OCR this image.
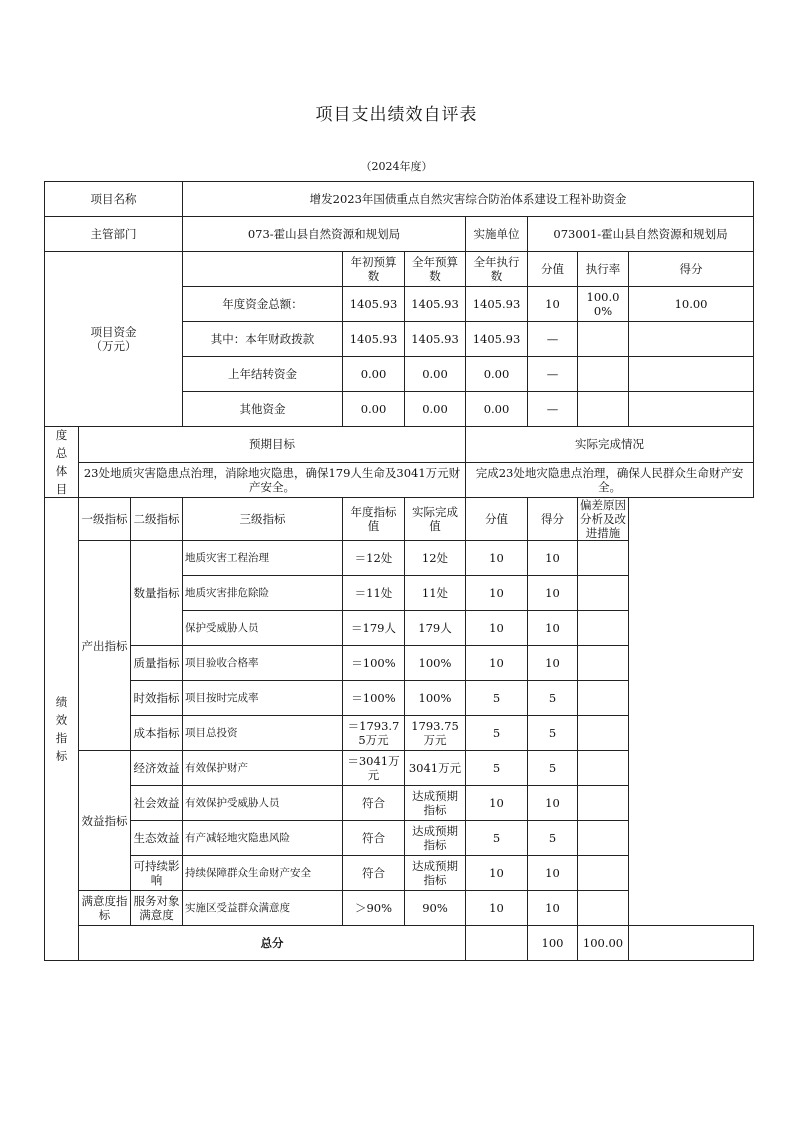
项目支出绩效自评表
（2024年度）
项目名称			增发2023年国债重点自然灾害综合防治体系建设工程补助资金						
主管部门			073-霍山县自然资源和规划局			实施单位	073001-霍山县自然资源和规划局		

项目资金
（万元）				年初预算数	全年预算数	全年执行数	分值	执行率	得分
			年度资金总额：	1405.93	1405.93	1405.93	10	100.00%	10.00
			其中：本年财政拨款	1405.93	1405.93	1405.93	—		
			上年结转资金	0.00	0.00	0.00	—		
			其他资金	0.00	0.00	0.00	—		

度总体目	预期目标					实际完成情况			
	23处地质灾害隐患点治理，消除地灾隐患，确保179人生命及3041万元财产安全。					完成23处地灾隐患点治理，确保人民群众生命财产安全。			

绩效指标	一级指标	二级指标	三级指标	年度指标值	实际完成值	分值	得分	偏差原因分析及改进措施	
	产出指标	数量指标	地质灾害工程治理	＝12处	12处	10	10		
			地质灾害排危除险	＝11处	11处	10	10		
			保护受威胁人员	＝179人	179人	10	10		
		质量指标	项目验收合格率	＝100%	100%	10	10		
		时效指标	项目按时完成率	＝100%	100%	5	5		
		成本指标	项目总投资	＝1793.75万元	1793.75万元	5	5		
	效益指标	经济效益	有效保护财产	＝3041万元	3041万元	5	5		
		社会效益	有效保护受威胁人员	符合	达成预期指标	10	10		
		生态效益	有产减轻地灾隐患风险	符合	达成预期指标	5	5		
		可持续影响	持续保障群众生命财产安全	符合	达成预期指标	10	10		
	满意度指标	服务对象满意度	实施区受益群众满意度	＞90%	90%	10	10		
	总分						100	100.00	
